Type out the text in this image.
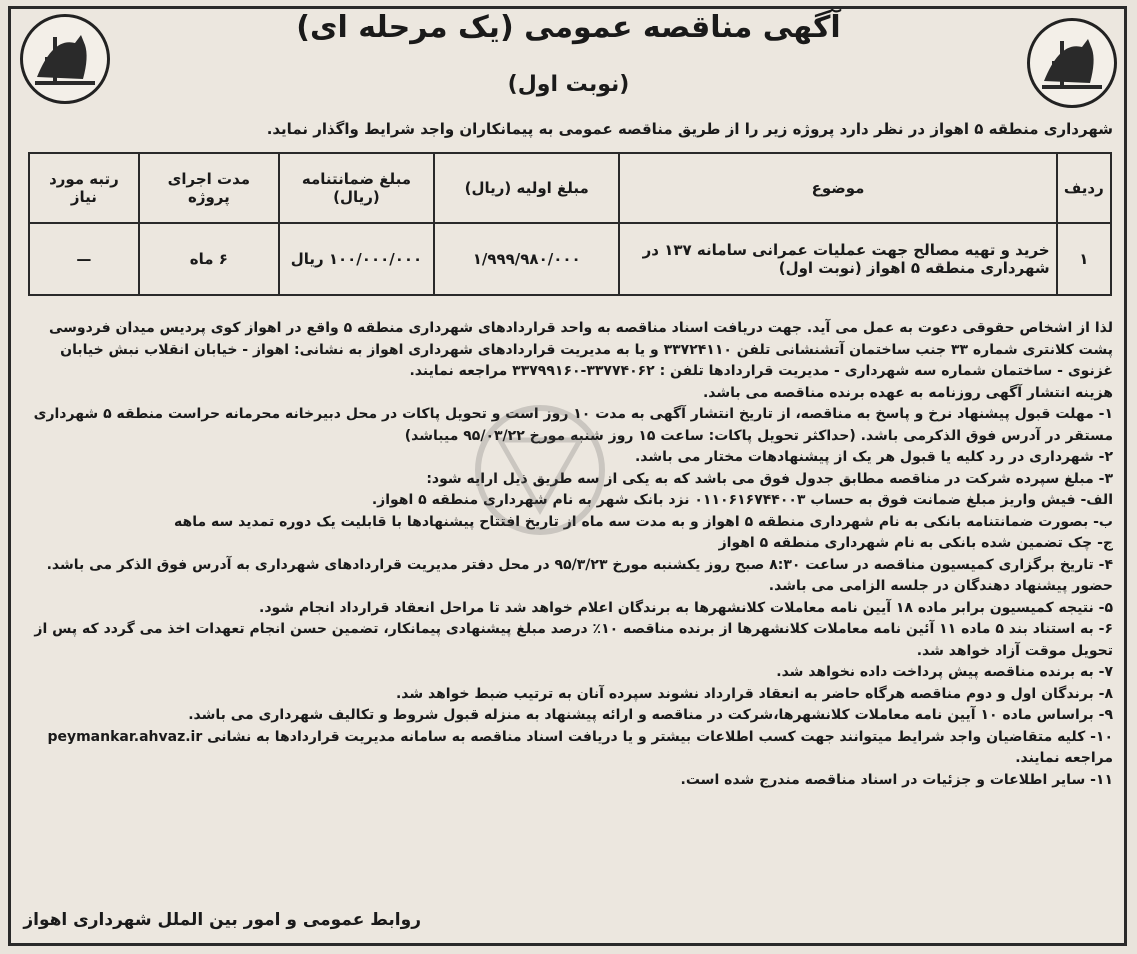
آگهی مناقصه عمومی (یک مرحله ای)
(نوبت اول)
شهرداری منطقه ۵ اهواز در نظر دارد پروژه زیر را از طریق مناقصه عمومی به پیمانکاران واجد شرایط واگذار نماید.
ردیف	موضوع	مبلغ اولیه (ریال)	مبلغ ضمانتنامه (ریال)	مدت اجرای پروژه	رتبه مورد نیاز
۱	خرید و تهیه مصالح جهت عملیات عمرانی سامانه ۱۳۷ در شهرداری منطقه ۵ اهواز (نوبت اول)	۱/۹۹۹/۹۸۰/۰۰۰	۱۰۰/۰۰۰/۰۰۰ ریال	۶ ماه	—

لذا از اشخاص حقوقی دعوت به عمل می آید. جهت دریافت اسناد مناقصه به واحد قراردادهای شهرداری منطقه ۵ واقع در اهواز کوی پردیس میدان فردوسی پشت کلانتری شماره ۳۳ جنب ساختمان آتشنشانی تلفن ۳۳۷۲۴۱۱۰ و یا به مدیریت قراردادهای شهرداری اهواز به نشانی: اهواز - خیابان انقلاب نبش خیابان غزنوی - ساختمان شماره سه شهرداری - مدیریت قراردادها تلفن : ۳۳۷۷۴۰۶۲-۳۳۷۹۹۱۶۰ مراجعه نمایند.

هزینه انتشار آگهی روزنامه به عهده برنده مناقصه می باشد.

۱- مهلت قبول پیشنهاد نرخ و پاسخ به مناقصه، از تاریخ انتشار آگهی به مدت ۱۰ روز است و تحویل پاکات در محل دبیرخانه محرمانه حراست منطقه ۵ شهرداری مستقر در آدرس فوق الذکرمی باشد. (حداکثر تحویل پاکات: ساعت ۱۵ روز شنبه مورخ ۹۵/۰۳/۲۲ میباشد)

۲- شهرداری در رد کلیه یا قبول هر یک از پیشنهادهات مختار می باشد.

۳- مبلغ سپرده شرکت در مناقصه مطابق جدول فوق می باشد که به یکی از سه طریق ذیل ارایه شود:

الف- فیش واریز مبلغ ضمانت فوق به حساب ۰۱۱۰۶۱۶۷۴۴۰۰۳ نزد بانک شهر به نام شهرداری منطقه ۵ اهواز.

ب- بصورت ضمانتنامه بانکی به نام شهرداری منطقه ۵ اهواز و به مدت سه ماه از تاریخ افتتاح پیشنهادها با قابلیت یک دوره تمدید سه ماهه

ج- چک تضمین شده بانکی به نام شهرداری منطقه ۵ اهواز

۴- تاریخ برگزاری کمیسیون مناقصه در ساعت ۸:۳۰ صبح روز یکشنبه مورخ ۹۵/۳/۲۳ در محل دفتر مدیریت قراردادهای شهرداری به آدرس فوق الذکر می باشد. حضور پیشنهاد دهندگان در جلسه الزامی می باشد.

۵- نتیجه کمیسیون برابر ماده ۱۸ آیین نامه معاملات کلانشهرها به برندگان اعلام خواهد شد تا مراحل انعقاد قرارداد انجام شود.

۶- به استناد بند ۵ ماده ۱۱ آئین نامه معاملات کلانشهرها از برنده مناقصه ۱۰٪ درصد مبلغ پیشنهادی پیمانکار، تضمین حسن انجام تعهدات اخذ می گردد که پس از تحویل موقت آزاد خواهد شد.

۷- به برنده مناقصه پیش پرداخت داده نخواهد شد.

۸- برندگان اول و دوم مناقصه هرگاه حاضر به انعقاد قرارداد نشوند سپرده آنان به ترتیب ضبط خواهد شد.

۹- براساس ماده ۱۰ آیین نامه معاملات کلانشهرها،شرکت در مناقصه و ارائه پیشنهاد به منزله قبول شروط و تکالیف شهرداری می باشد.

۱۰- کلیه متقاضیان واجد شرایط میتوانند جهت کسب اطلاعات بیشتر و یا دریافت اسناد مناقصه به سامانه مدیریت قراردادها به نشانی peymankar.ahvaz.ir مراجعه نمایند.

۱۱- سایر اطلاعات و جزئیات در اسناد مناقصه مندرج شده است.

روابط عمومی و امور بین الملل شهرداری اهواز
